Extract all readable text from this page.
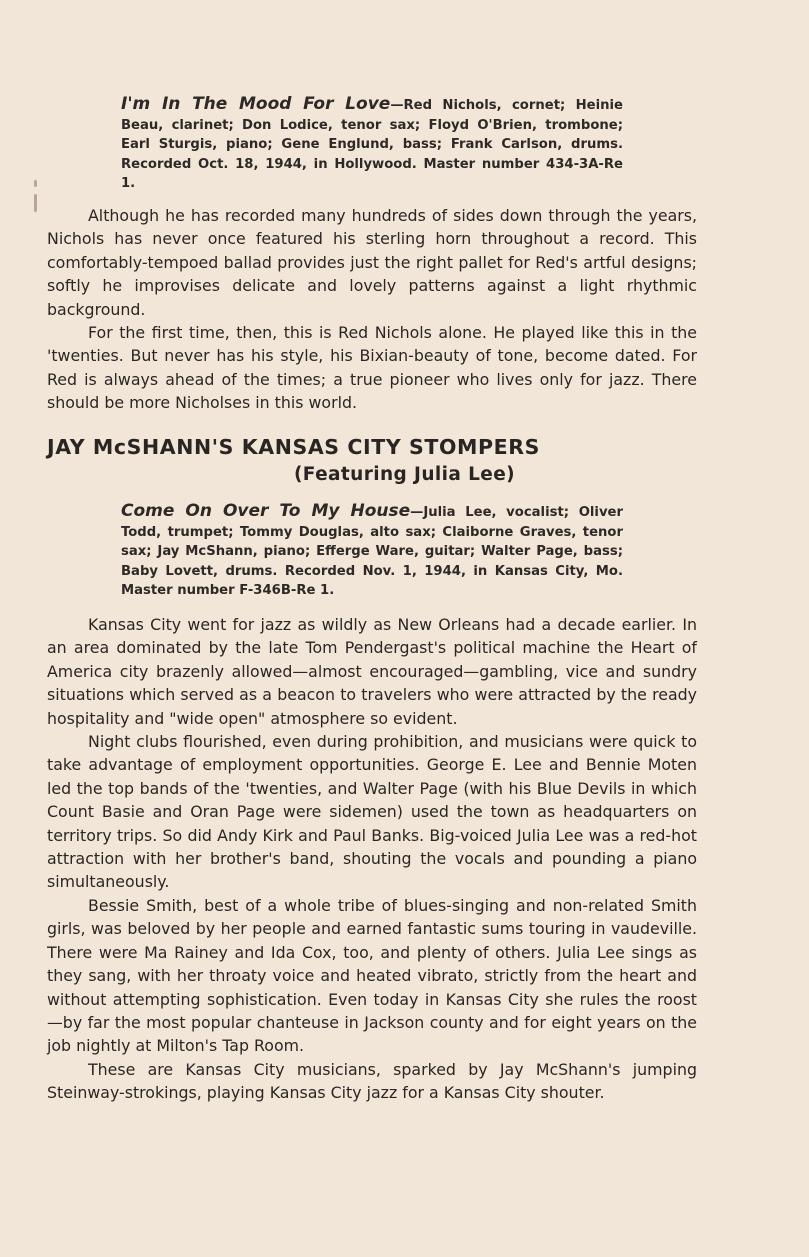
I'm In The Mood For Love—Red Nichols, cornet; Heinie Beau, clarinet; Don Lodice, tenor sax; Floyd O'Brien, trombone; Earl Sturgis, piano; Gene Englund, bass; Frank Carlson, drums. Recorded Oct. 18, 1944, in Hollywood. Master number 434-3A-Re 1.

Although he has recorded many hundreds of sides down through the years, Nichols has never once featured his sterling horn throughout a record. This comfortably-tempoed ballad provides just the right pallet for Red's artful designs; softly he improvises delicate and lovely patterns against a light rhythmic background.

For the first time, then, this is Red Nichols alone. He played like this in the 'twenties. But never has his style, his Bixian-beauty of tone, become dated. For Red is always ahead of the times; a true pioneer who lives only for jazz. There should be more Nicholses in this world.

JAY McSHANN'S KANSAS CITY STOMPERS
(Featuring Julia Lee)
Come On Over To My House—Julia Lee, vocalist; Oliver Todd, trumpet; Tommy Douglas, alto sax; Claiborne Graves, tenor sax; Jay McShann, piano; Efferge Ware, guitar; Walter Page, bass; Baby Lovett, drums. Recorded Nov. 1, 1944, in Kansas City, Mo. Master number F-346B-Re 1.

Kansas City went for jazz as wildly as New Orleans had a decade earlier. In an area dominated by the late Tom Pendergast's political machine the Heart of America city brazenly allowed—almost encouraged—gambling, vice and sundry situations which served as a beacon to travelers who were attracted by the ready hospitality and "wide open" atmosphere so evident.

Night clubs flourished, even during prohibition, and musicians were quick to take advantage of employment opportunities. George E. Lee and Bennie Moten led the top bands of the 'twenties, and Walter Page (with his Blue Devils in which Count Basie and Oran Page were sidemen) used the town as headquarters on territory trips. So did Andy Kirk and Paul Banks. Big-voiced Julia Lee was a red-hot attraction with her brother's band, shouting the vocals and pounding a piano simultaneously.

Bessie Smith, best of a whole tribe of blues-singing and non-related Smith girls, was beloved by her people and earned fantastic sums touring in vaudeville. There were Ma Rainey and Ida Cox, too, and plenty of others. Julia Lee sings as they sang, with her throaty voice and heated vibrato, strictly from the heart and without attempting sophistication. Even today in Kansas City she rules the roost—by far the most popular chanteuse in Jackson county and for eight years on the job nightly at Milton's Tap Room.

These are Kansas City musicians, sparked by Jay McShann's jumping Steinway-strokings, playing Kansas City jazz for a Kansas City shouter.
